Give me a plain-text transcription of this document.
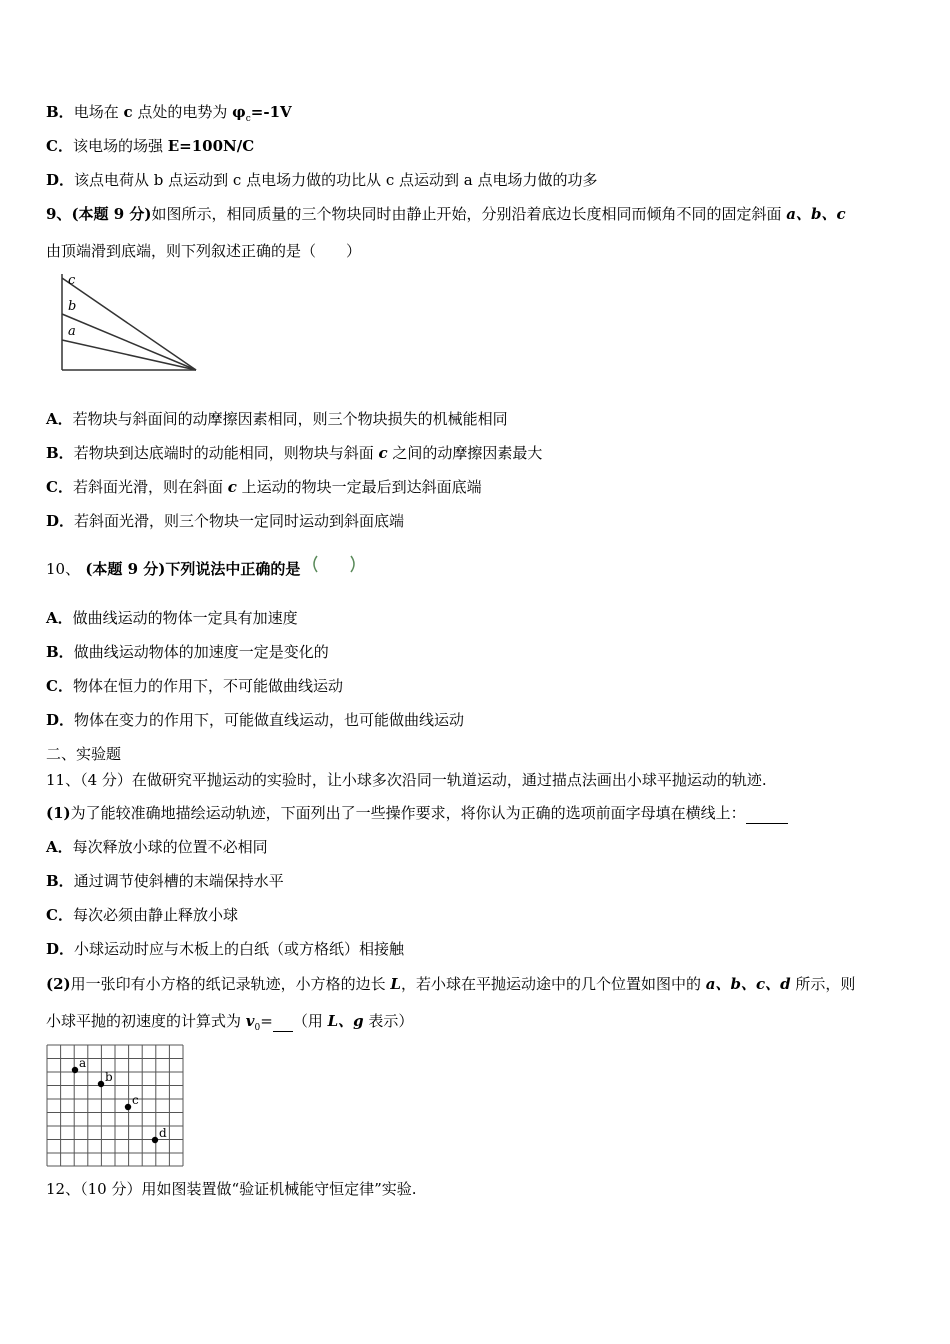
B．电场在 c 点处的电势为 $\varphi_c=-1V$
C．该电场的场强 E=100N/C
D．该点电荷从 b 点运动到 c 点电场力做的功比从 c 点运动到 a 点电场力做的功多
9、(本题 9 分)如图所示，相同质量的三个物块同时由静止开始，分别沿着底边长度相同而倾角不同的固定斜面 a、b、c
由顶端滑到底端，则下列叙述正确的是（　　）
c
b
a
A．若物块与斜面间的动摩擦因素相同，则三个物块损失的机械能相同
B．若物块到达底端时的动能相同，则物块与斜面 c 之间的动摩擦因素最大
C．若斜面光滑，则在斜面 c 上运动的物块一定最后到达斜面底端
D．若斜面光滑，则三个物块一定同时运动到斜面底端
10、 (本题 9 分)下列说法中正确的是
A．做曲线运动的物体一定具有加速度
B．做曲线运动物体的加速度一定是变化的
C．物体在恒力的作用下，不可能做曲线运动
D．物体在变力的作用下，可能做直线运动，也可能做曲线运动
二、实验题
11、（4 分）在做研究平抛运动的实验时，让小球多次沿同一轨道运动，通过描点法画出小球平抛运动的轨迹.
(1)为了能较准确地描绘运动轨迹，下面列出了一些操作要求，将你认为正确的选项前面字母填在横线上：
A．每次释放小球的位置不必相同
B．通过调节使斜槽的末端保持水平
C．每次必须由静止释放小球
D．小球运动时应与木板上的白纸（或方格纸）相接触
(2)用一张印有小方格的纸记录轨迹，小方格的边长 L，若小球在平抛运动途中的几个位置如图中的 a、b、c、d 所示，则
小球平抛的初速度的计算式为 $v_0=$ （用 L、g 表示）
a
b
c
d
12、（10 分）用如图装置做“验证机械能守恒定律”实验.
